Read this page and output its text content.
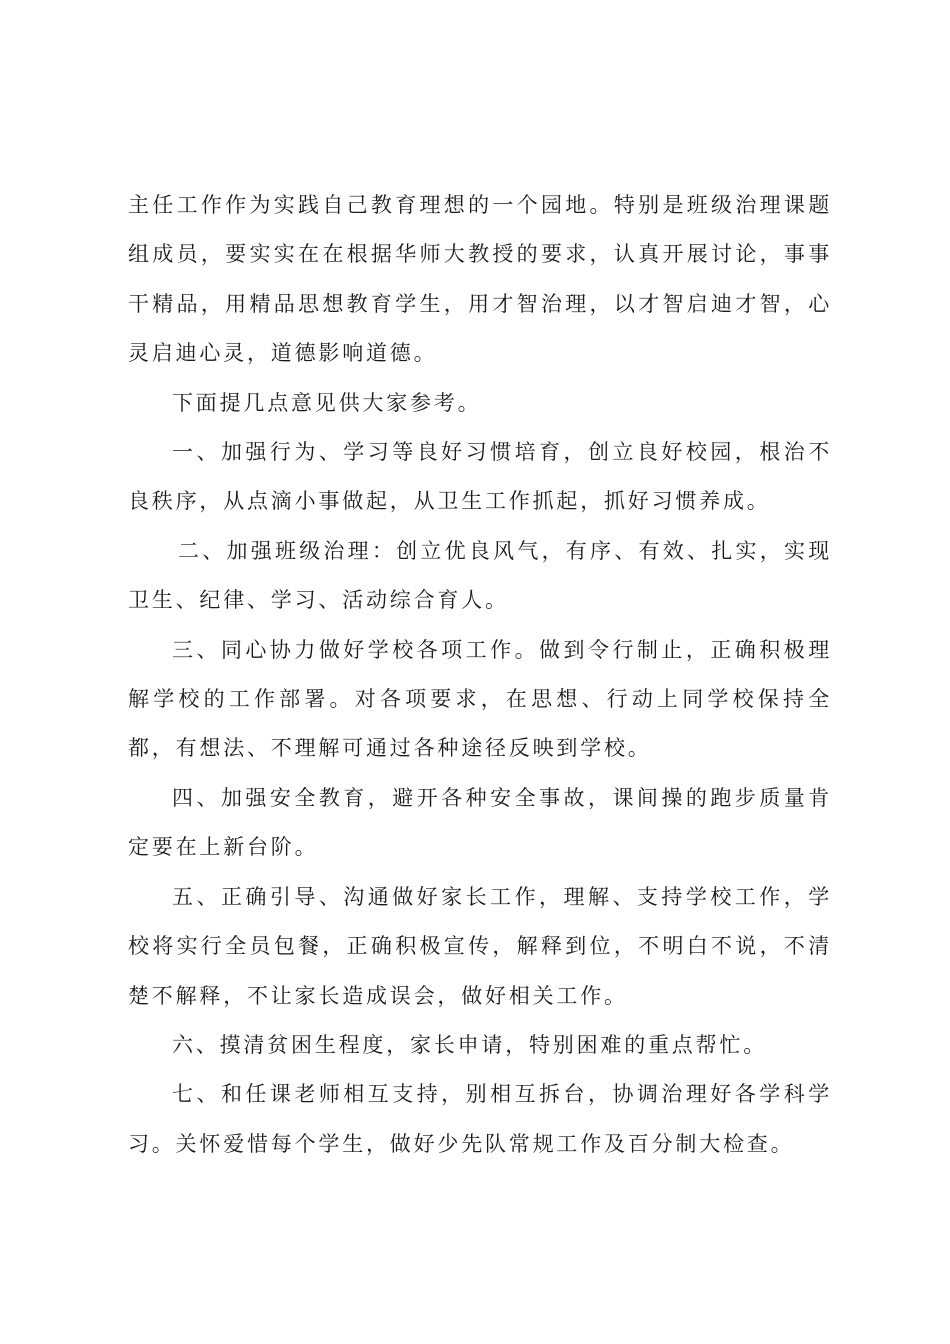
主任工作作为实践自己教育理想的一个园地。特别是班级治理课题组成员，要实实在在根据华师大教授的要求，认真开展讨论，事事干精品，用精品思想教育学生，用才智治理，以才智启迪才智，心灵启迪心灵，道德影响道德。

下面提几点意见供大家参考。

一、加强行为、学习等良好习惯培育，创立良好校园，根治不良秩序，从点滴小事做起，从卫生工作抓起，抓好习惯养成。

二、加强班级治理：创立优良风气，有序、有效、扎实，实现卫生、纪律、学习、活动综合育人。

三、同心协力做好学校各项工作。做到令行制止，正确积极理解学校的工作部署。对各项要求，在思想、行动上同学校保持全都，有想法、不理解可通过各种途径反映到学校。

四、加强安全教育，避开各种安全事故，课间操的跑步质量肯定要在上新台阶。

五、正确引导、沟通做好家长工作，理解、支持学校工作，学校将实行全员包餐，正确积极宣传，解释到位，不明白不说，不清楚不解释，不让家长造成误会，做好相关工作。

六、摸清贫困生程度，家长申请，特别困难的重点帮忙。

七、和任课老师相互支持，别相互拆台，协调治理好各学科学习。关怀爱惜每个学生，做好少先队常规工作及百分制大检查。
